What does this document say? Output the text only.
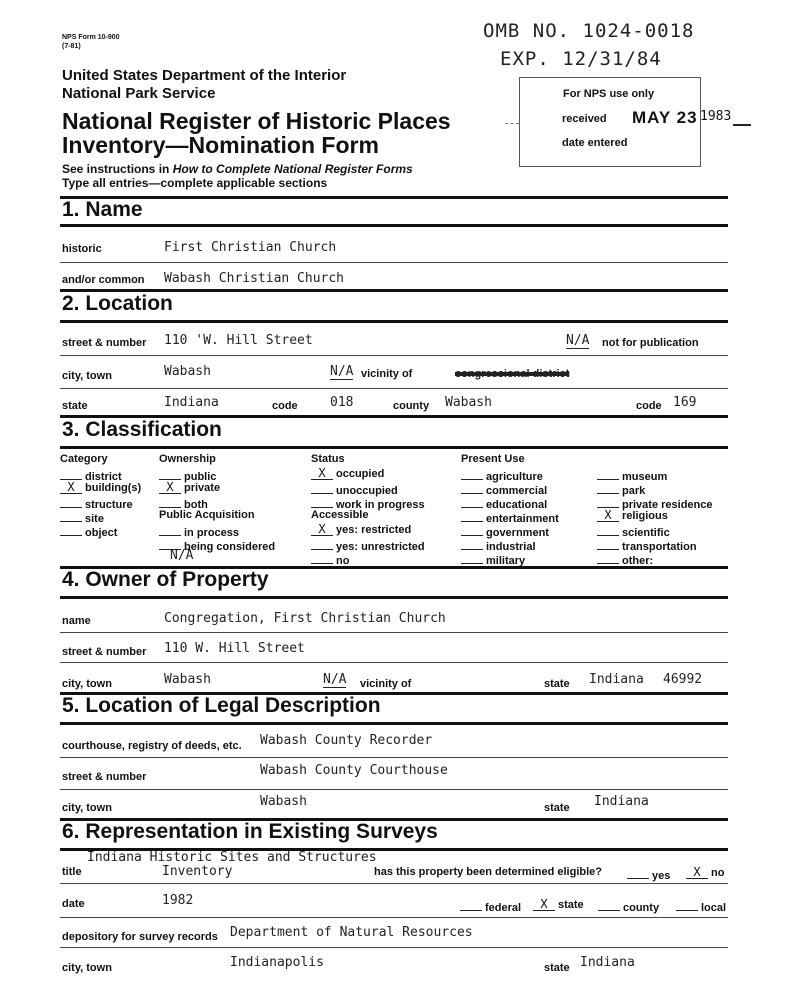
NPS Form 10-900
(7-81)
OMB NO. 1024-0018
EXP. 12/31/84
United States Department of the Interior
National Park Service
National Register of Historic Places
Inventory—Nomination Form
See instructions in How to Complete National Register Forms
Type all entries—complete applicable sections
For NPS use only
received MAY 23
date entered
1983
1. Name
historic	First Christian Church
and/or common Wabash Christian Church
2. Location
street & number 110 'W. Hill Street	N/A not for publication
city, town	Wabash	N/A vicinity of	congressional district
state	Indiana	code 018	county Wabash	code 169
3. Classification
Category
district
X building(s)
structure
site
object
Ownership
public
X private
both
Public Acquisition
in process
being considered
N/A
Status
X occupied
unoccupied
work in progress
Accessible
X yes: restricted
yes: unrestricted
no
Present Use
agriculture
commercial
educational
entertainment
government
industrial
military
museum
park
private residence
X religious
scientific
transportation
other:
4. Owner of Property
name	Congregation, First Christian Church
street & number 110 W. Hill Street
city, town	Wabash	N/A vicinity of	state Indiana 46992
5. Location of Legal Description
courthouse, registry of deeds, etc. Wabash County Recorder
street & number	Wabash County Courthouse
city, town	Wabash	state Indiana
6. Representation in Existing Surveys
Indiana Historic Sites and Structures
title	Inventory	has this property been determined eligible?	yes	X no
date	1982	federal	X state	county	local
depository for survey records Department of Natural Resources
city, town	Indianapolis	state Indiana
